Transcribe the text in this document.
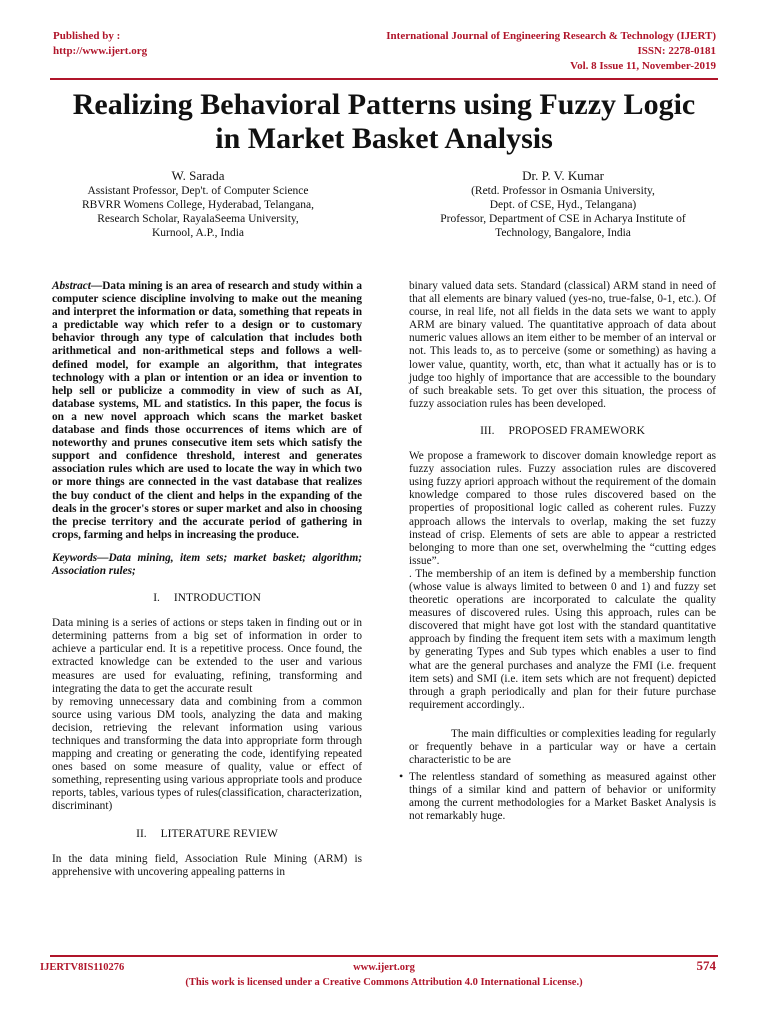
Published by :
http://www.ijert.org
International Journal of Engineering Research & Technology (IJERT)
ISSN: 2278-0181
Vol. 8 Issue 11, November-2019
Realizing Behavioral Patterns using Fuzzy Logic
in Market Basket Analysis
W. Sarada
Assistant Professor, Dep't. of Computer Science
RBVRR Womens College, Hyderabad, Telangana,
Research Scholar, RayalaSeema University,
Kurnool, A.P., India
Dr. P. V. Kumar
(Retd. Professor in Osmania University,
Dept. of CSE, Hyd., Telangana)
Professor, Department of CSE in Acharya Institute of
Technology, Bangalore, India

Abstract—Data mining is an area of research and study within a computer science discipline involving to make out the meaning and interpret the information or data, something that repeats in a predictable way which refer to a design or to customary behavior through any type of calculation that includes both arithmetical and non-arithmetical steps and follows a well-defined model, for example an algorithm, that integrates technology with a plan or intention or an idea or invention to help sell or publicize a commodity in view of such as AI, database systems, ML and statistics. In this paper, the focus is on a new novel approach which scans the market basket database and finds those occurrences of items which are of noteworthy and prunes consecutive item sets which satisfy the support and confidence threshold, interest and generates association rules which are used to locate the way in which two or more things are connected in the vast database that realizes the buy conduct of the client and helps in the expanding of the deals in the grocer's stores or super market and also in choosing the precise territory and the accurate period of gathering in crops, farming and helps in increasing the produce.

Keywords—Data mining, item sets; market basket; algorithm; Association rules;

I. INTRODUCTION

Data mining is a series of actions or steps taken in finding out or in determining patterns from a big set of information in order to achieve a particular end. It is a repetitive process. Once found, the extracted knowledge can be extended to the user and various measures are used for evaluating, refining, transforming and integrating the data to get the accurate result

by removing unnecessary data and combining from a common source using various DM tools, analyzing the data and making decision, retrieving the relevant information using various techniques and transforming the data into appropriate form through mapping and creating or generating the code, identifying repeated ones based on some measure of quality, value or effect of something, representing using various appropriate tools and produce reports, tables, various types of rules(classification, characterization, discriminant)

II. LITERATURE REVIEW

In the data mining field, Association Rule Mining (ARM) is apprehensive with uncovering appealing patterns in

binary valued data sets. Standard (classical) ARM stand in need of that all elements are binary valued (yes-no, true-false, 0-1, etc.). Of course, in real life, not all fields in the data sets we want to apply ARM are binary valued. The quantitative approach of data about numeric values allows an item either to be member of an interval or not. This leads to, as to perceive (some or something) as having a lower value, quantity, worth, etc, than what it actually has or is to judge too highly of importance that are accessible to the boundary of such breakable sets. To get over this situation, the process of fuzzy association rules has been developed.

III. PROPOSED FRAMEWORK

We propose a framework to discover domain knowledge report as fuzzy association rules. Fuzzy association rules are discovered using fuzzy apriori approach without the requirement of the domain knowledge compared to those rules discovered based on the properties of propositional logic called as coherent rules. Fuzzy approach allows the intervals to overlap, making the set fuzzy instead of crisp. Elements of sets are able to appear a restricted belonging to more than one set, overwhelming the “cutting edges issue”.

. The membership of an item is defined by a membership function (whose value is always limited to between 0 and 1) and fuzzy set theoretic operations are incorporated to calculate the quality measures of discovered rules. Using this approach, rules can be discovered that might have got lost with the standard quantitative approach by finding the frequent item sets with a maximum length by generating Types and Sub types which enables a user to find what are the general purchases and analyze the FMI (i.e. frequent item sets) and SMI (i.e. item sets which are not frequent) depicted through a graph periodically and plan for their future purchase requirement accordingly..

The main difficulties or complexities leading for regularly or frequently behave in a particular way or have a certain characteristic to be are

• The relentless standard of something as measured against other things of a similar kind and pattern of behavior or uniformity among the current methodologies for a Market Basket Analysis is not remarkably huge.

IJERTV8IS110276	www.ijert.org	574
(This work is licensed under a Creative Commons Attribution 4.0 International License.)
